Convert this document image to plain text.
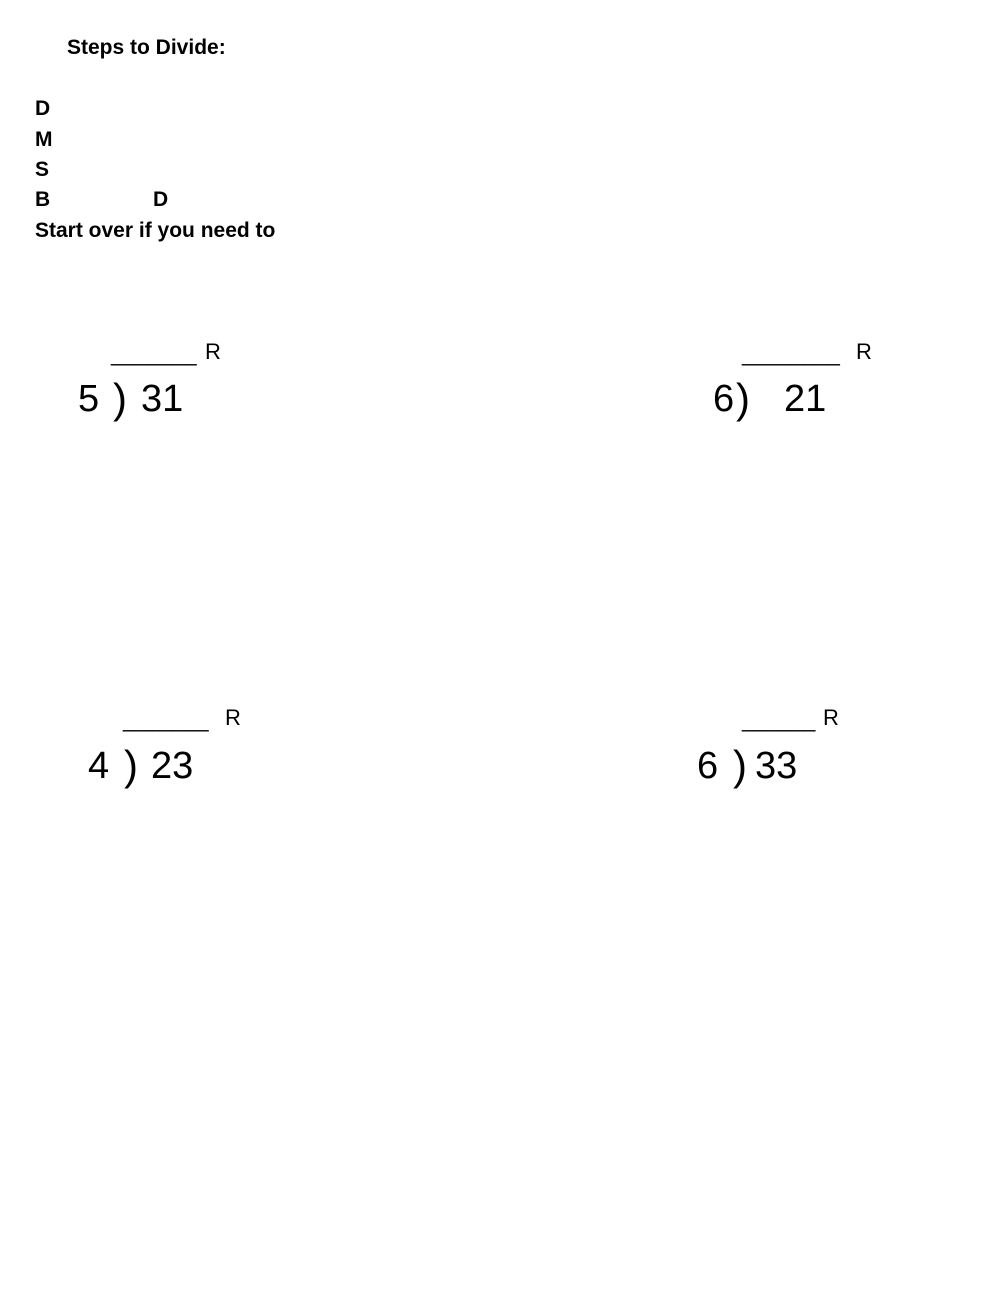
Steps to Divide:
D
M
S
B	D
Start over if you need to
_______ R
5 ) 31
________ R
6 ) 21
_______ R
4 ) 23
______ R
6 ) 33
